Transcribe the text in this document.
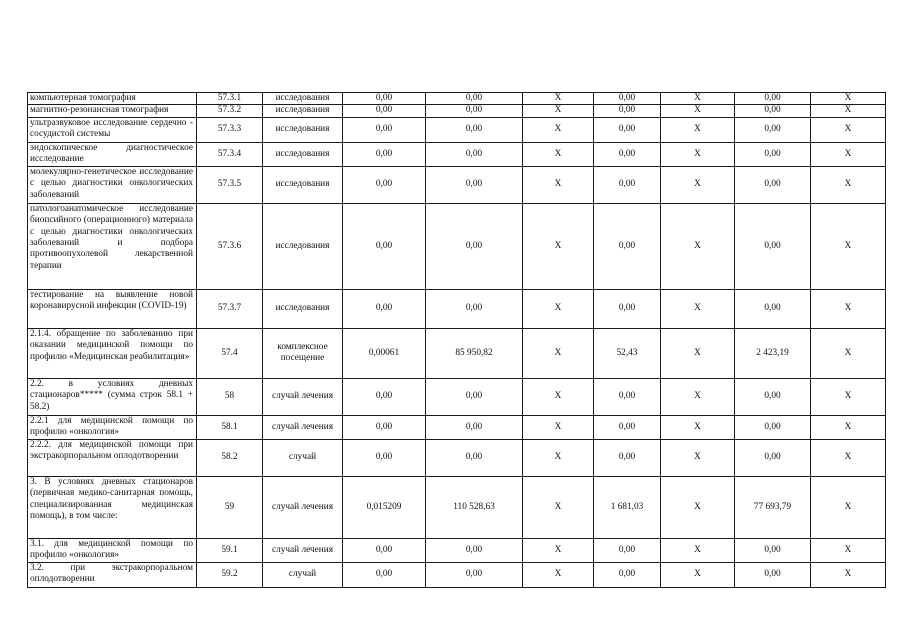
компьютерная томография	57.3.1	исследования	0,00	0,00	X	0,00	X	0,00	X
магнитно-резонансная томография	57.3.2	исследования	0,00	0,00	X	0,00	X	0,00	X
ультразвуковое исследование сердечно - сосудистой системы	57.3.3	исследования	0,00	0,00	X	0,00	X	0,00	X
эндоскопическое диагностическое исследование	57.3.4	исследования	0,00	0,00	X	0,00	X	0,00	X
молекулярно-генетическое исследование с целью диагностики онкологических заболеваний	57.3.5	исследования	0,00	0,00	X	0,00	X	0,00	X
патологоанатомическое исследование биопсийного (операционного) материала с целью диагностики онкологических заболеваний и подбора противоопухолевой лекарственной терапии	57.3.6	исследования	0,00	0,00	X	0,00	X	0,00	X
тестирование на выявление новой коронавирусной инфекции (COVID-19)	57.3.7	исследования	0,00	0,00	X	0,00	X	0,00	X
2.1.4. обращение по заболеванию при оказании медицинской помощи по профилю «Медицинская реабилитация»	57.4	комплексное посещение	0,00061	85 950,82	X	52,43	X	2 423,19	X
2.2. в условиях дневных стационаров***** (сумма строк 58.1 + 58.2)	58	случай лечения	0,00	0,00	X	0,00	X	0,00	X
2.2.1 для медицинской помощи по профилю «онкология»	58.1	случай лечения	0,00	0,00	X	0,00	X	0,00	X
2.2.2. для медицинской помощи при экстракорпоральном оплодотворении	58.2	случай	0,00	0,00	X	0,00	X	0,00	X
3. В условиях дневных стационаров (первичная медико-санитарная помощь, специализированная медицинская помощь), в том числе:	59	случай лечения	0,015209	110 528,63	X	1 681,03	X	77 693,79	X
3.1. для медицинской помощи по профилю «онкология»	59.1	случай лечения	0,00	0,00	X	0,00	X	0,00	X
3.2. при экстракорпоральном оплодотворении	59.2	случай	0,00	0,00	X	0,00	X	0,00	X
